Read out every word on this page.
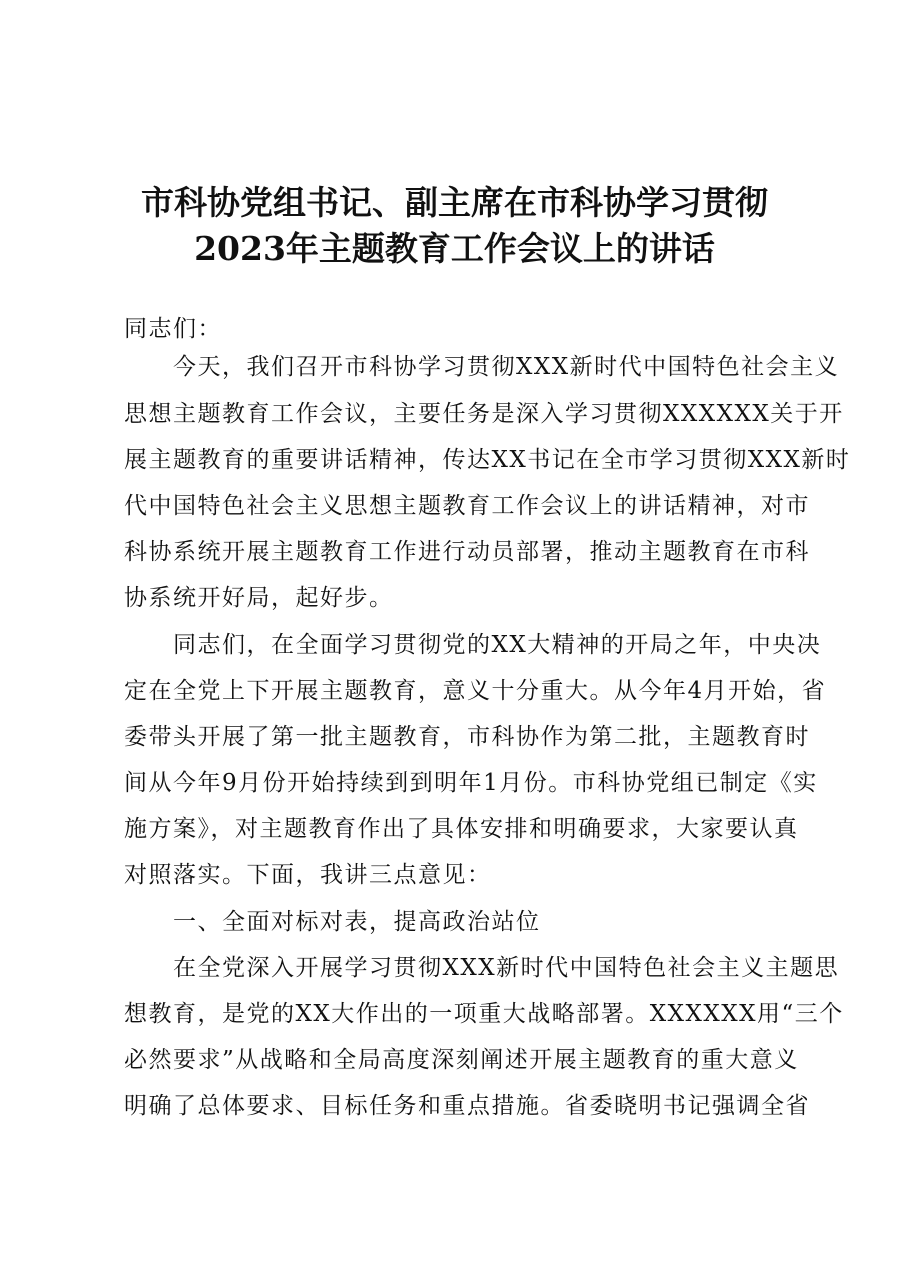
市科协党组书记、副主席在市科协学习贯彻
2023年主题教育工作会议上的讲话
同志们：
　　今天，我们召开市科协学习贯彻XXX新时代中国特色社会主义
思想主题教育工作会议，主要任务是深入学习贯彻XXXXXX关于开
展主题教育的重要讲话精神，传达XX书记在全市学习贯彻XXX新时
代中国特色社会主义思想主题教育工作会议上的讲话精神，对市
科协系统开展主题教育工作进行动员部署，推动主题教育在市科
协系统开好局，起好步。
　　同志们，在全面学习贯彻党的XX大精神的开局之年，中央决
定在全党上下开展主题教育，意义十分重大。从今年4月开始，省
委带头开展了第一批主题教育，市科协作为第二批，主题教育时
间从今年9月份开始持续到到明年1月份。市科协党组已制定《实
施方案》，对主题教育作出了具体安排和明确要求，大家要认真
对照落实。下面，我讲三点意见：
　　一、全面对标对表，提高政治站位
　　在全党深入开展学习贯彻XXX新时代中国特色社会主义主题思
想教育，是党的XX大作出的一项重大战略部署。XXXXXX用“三个
必然要求”从战略和全局高度深刻阐述开展主题教育的重大意义
明确了总体要求、目标任务和重点措施。省委晓明书记强调全省
